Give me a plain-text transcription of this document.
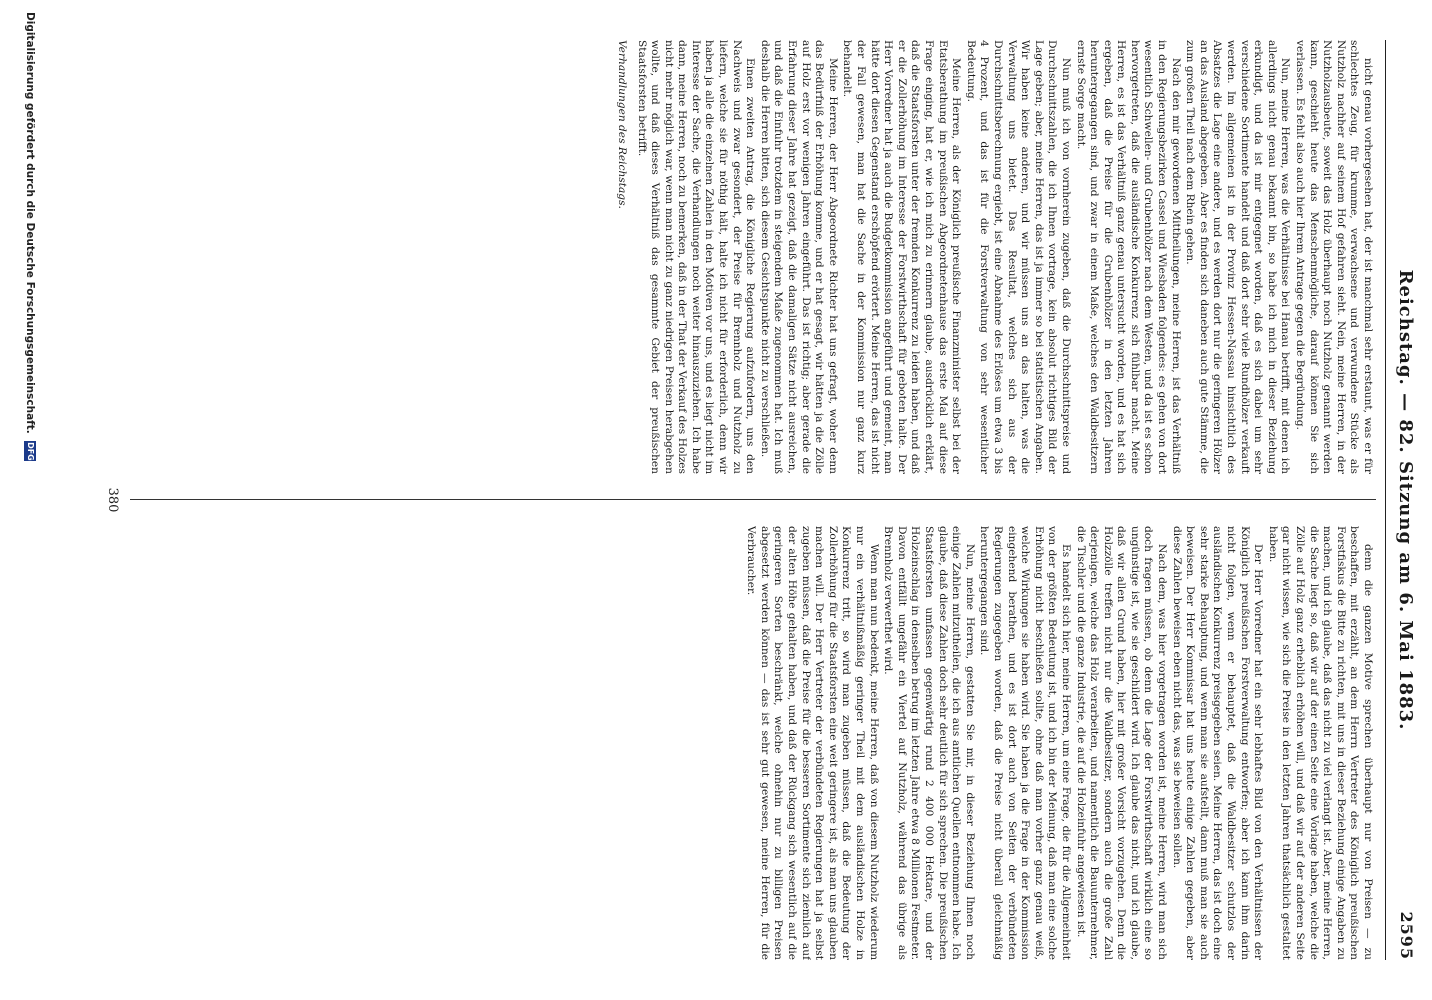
2595
Reichstag. — 82. Sitzung am 6. Mai 1883.

nicht genau vorhergesehen hat, der ist manchmal sehr erstaunt, was er für schlechtes Zeug, für krumme, verwachsene und verwundene Stücke als Nutzholz nachher auf seinem Hof gefahren sieht. Nein, meine Herren, in der Nutzholzausbeute, soweit das Holz überhaupt noch Nutzholz genannt werden kann, geschieht heute das Menschenmögliche, darauf können Sie sich verlassen. Es fehlt also auch hier Ihrem Antrage gegen die Begründung.

Nun, meine Herren, was die Verhältnisse bei Hanau betrifft, mit denen ich allerdings nicht genau bekannt bin, so habe ich mich in dieser Beziehung erkundigt, und da ist mir entgegnet worden, daß es sich dabei um sehr verschiedene Sortimente handelt und daß dort sehr viele Rundhölzer verkauft werden. Im allgemeinen ist in der Provinz Hessen-Nassau hinsichtlich des Absatzes die Lage eine andere, und es werden dort nur die geringeren Hölzer an das Ausland abgegeben. Aber es finden sich daneben auch gute Stämme, die zum großen Theil nach dem Rhein gehen.

Nach den mir gewordenen Mittheilungen, meine Herren, ist das Verhältniß in den Regierungsbezirken Cassel und Wiesbaden folgendes: es gehen von dort wesentlich Schwellen- und Grubenhölzer nach dem Westen, und da ist es schon hervorgetreten, daß die ausländische Konkurrenz sich fühlbar macht. Meine Herren, es ist das Verhältniß ganz genau untersucht worden, und es hat sich ergeben, daß die Preise für die Grubenhölzer in den letzten Jahren heruntergegangen sind, und zwar in einem Maße, welches den Waldbesitzern ernste Sorge macht.

Nun muß ich von vornherein zugeben, daß die Durchschnittspreise und Durchschnittszahlen, die ich Ihnen vortrage, kein absolut richtiges Bild der Lage geben; aber, meine Herren, das ist ja immer so bei statistischen Angaben. Wir haben keine anderen, und wir müssen uns an das halten, was die Verwaltung uns bietet. Das Resultat, welches sich aus der Durchschnittsberechnung ergiebt, ist eine Abnahme des Erlöses um etwa 3 bis 4 Prozent, und das ist für die Forstverwaltung von sehr wesentlicher Bedeutung.

Meine Herren, als der Königlich preußische Finanzminister selbst bei der Etatsberathung im preußischen Abgeordnetenhause das erste Mal auf diese Frage einging, hat er, wie ich mich zu erinnern glaube, ausdrücklich erklärt, daß die Staatsforsten unter der fremden Konkurrenz zu leiden haben, und daß er die Zollerhöhung im Interesse der Forstwirthschaft für geboten halte. Der Herr Vorredner hat ja auch die Budgetkommission angeführt und gemeint, man hätte dort diesen Gegenstand erschöpfend erörtert. Meine Herren, das ist nicht der Fall gewesen, man hat die Sache in der Kommission nur ganz kurz behandelt.

Meine Herren, der Herr Abgeordnete Richter hat uns gefragt, woher denn das Bedürfniß der Erhöhung komme, und er hat gesagt, wir hätten ja die Zölle auf Holz erst vor wenigen Jahren eingeführt. Das ist richtig; aber gerade die Erfahrung dieser Jahre hat gezeigt, daß die damaligen Sätze nicht ausreichen, und daß die Einfuhr trotzdem in steigendem Maße zugenommen hat. Ich muß deshalb die Herren bitten, sich diesem Gesichtspunkte nicht zu verschließen.

Einen zweiten Antrag, die Königliche Regierung aufzufordern, uns den Nachweis und zwar gesondert, der Preise für Brennholz und Nutzholz zu liefern, welche sie für nöthig hält, halte ich nicht für erforderlich, denn wir haben ja alle die einzelnen Zahlen in den Motiven vor uns, und es liegt nicht im Interesse der Sache, die Verhandlungen noch weiter hinauszuziehen. Ich habe dann, meine Herren, noch zu bemerken, daß in der That der Verkauf des Holzes nicht mehr möglich war, wenn man nicht zu ganz niedrigen Preisen herabgehen wollte, und daß dieses Verhältniß das gesammte Gebiet der preußischen Staatsforsten betrifft.

Verhandlungen des Reichstags.

denn die ganzen Motive sprechen überhaupt nur von Preisen — zu beschaffen, mit erzählt, an dem Herrn Vertreter des Königlich preußischen Forstfiskus die Bitte zu richten, mit uns in dieser Beziehung einige Angaben zu machen, und ich glaube, daß das nicht zu viel verlangt ist. Aber, meine Herren, die Sache liegt so, daß wir auf der einen Seite eine Vorlage haben, welche die Zölle auf Holz ganz erheblich erhöhen will, und daß wir auf der anderen Seite gar nicht wissen, wie sich die Preise in den letzten Jahren thatsächlich gestaltet haben.

Der Herr Vorredner hat ein sehr lebhaftes Bild von den Verhältnissen der Königlich preußischen Forstverwaltung entworfen; aber ich kann ihm darin nicht folgen, wenn er behauptet, daß die Waldbesitzer schutzlos der ausländischen Konkurrenz preisgegeben seien. Meine Herren, das ist doch eine sehr starke Behauptung, und wenn man sie aufstellt, dann muß man sie auch beweisen. Der Herr Kommissar hat uns heute einige Zahlen gegeben, aber diese Zahlen beweisen eben nicht das, was sie beweisen sollen.

Nach dem, was hier vorgetragen worden ist, meine Herren, wird man sich doch fragen müssen, ob denn die Lage der Forstwirthschaft wirklich eine so ungünstige ist, wie sie geschildert wird. Ich glaube das nicht, und ich glaube, daß wir allen Grund haben, hier mit großer Vorsicht vorzugehen. Denn die Holzzölle treffen nicht nur die Waldbesitzer, sondern auch die große Zahl derjenigen, welche das Holz verarbeiten, und namentlich die Bauunternehmer, die Tischler und die ganze Industrie, die auf die Holzeinfuhr angewiesen ist.

Es handelt sich hier, meine Herren, um eine Frage, die für die Allgemeinheit von der größten Bedeutung ist, und ich bin der Meinung, daß man eine solche Erhöhung nicht beschließen sollte, ohne daß man vorher ganz genau weiß, welche Wirkungen sie haben wird. Sie haben ja die Frage in der Kommission eingehend berathen, und es ist dort auch von Seiten der verbündeten Regierungen zugegeben worden, daß die Preise nicht überall gleichmäßig heruntergegangen sind.

Nun, meine Herren, gestatten Sie mir, in dieser Beziehung Ihnen noch einige Zahlen mitzutheilen, die ich aus amtlichen Quellen entnommen habe. Ich glaube, daß diese Zahlen doch sehr deutlich für sich sprechen. Die preußischen Staatsforsten umfassen gegenwärtig rund 2 400 000 Hektare, und der Holzeinschlag in denselben betrug im letzten Jahre etwa 8 Millionen Festmeter. Davon entfällt ungefähr ein Viertel auf Nutzholz, während das übrige als Brennholz verwerthet wird.

Wenn man nun bedenkt, meine Herren, daß von diesem Nutzholz wiederum nur ein verhältnißmäßig geringer Theil mit dem ausländischen Holze in Konkurrenz tritt, so wird man zugeben müssen, daß die Bedeutung der Zollerhöhung für die Staatsforsten eine weit geringere ist, als man uns glauben machen will. Der Herr Vertreter der verbündeten Regierungen hat ja selbst zugeben müssen, daß die Preise für die besseren Sortimente sich ziemlich auf der alten Höhe gehalten haben, und daß der Rückgang sich wesentlich auf die geringeren Sorten beschränkt, welche ohnehin nur zu billigen Preisen abgesetzt werden können — das ist sehr gut gewesen, meine Herren, für die Verbraucher.

380
Digitalisierung gefördert durch die Deutsche Forschungsgemeinschaft. DFG
